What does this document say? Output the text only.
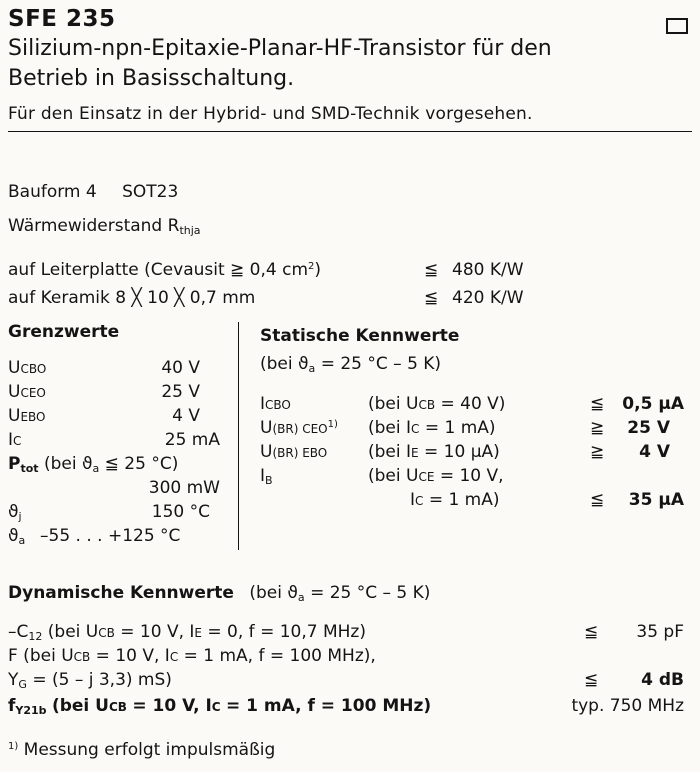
SFE 235
Silizium-npn-Epitaxie-Planar-HF-Transistor für den
Betrieb in Basisschaltung.
Für den Einsatz in der Hybrid- und SMD-Technik vorgesehen.
Bauform 4 SOT23
Wärmewiderstand $R_{thja}$
auf Leiterplatte (Cevausit ≧ 0,4 $cm^2$)	≦ 480 K/W
auf Keramik 8 ╳ 10 ╳ 0,7 mm	≦ 420 K/W
Grenzwerte
UCBO	40 V
UCEO	25 V
UEBO	4 V
IC	25 mA
$P_{tot}$ (bei $ϑ_a$ ≦ 25 °C)
300 mW
$ϑ_j$	150 °C
$ϑ_a$ –55 . . . +125 °C
Statische Kennwerte
(bei $ϑ_a = 25$ °C – 5 K)
ICBO	(bei UCB = 40 V)	≦	0,5 µA
U(BR) CEO$^{1)}$ (bei IC = 1 mA)	≧	25 V
U(BR) EBO (bei IE = 10 µA)	≧	4 V
$I_B$	(bei UCE = 10 V,
IC = 1 mA)	≦	35 µA
Dynamische Kennwerte (bei $ϑ_a = 25$ °C – 5 K)
$-C_{12}$ (bei UCB = 10 V, IE = 0, f = 10,7 MHz)	≦	35 pF
F (bei UCB = 10 V, IC = 1 mA, f = 100 MHz),
$Y_G = (5 - j$ 3,3) mS)	≦	4 dB
$f_{Y21b}$ (bei UCB = 10 V, IC = 1 mA, f = 100 MHz)	typ. 750 MHz
$^{1)}$ Messung erfolgt impulsmäßig
